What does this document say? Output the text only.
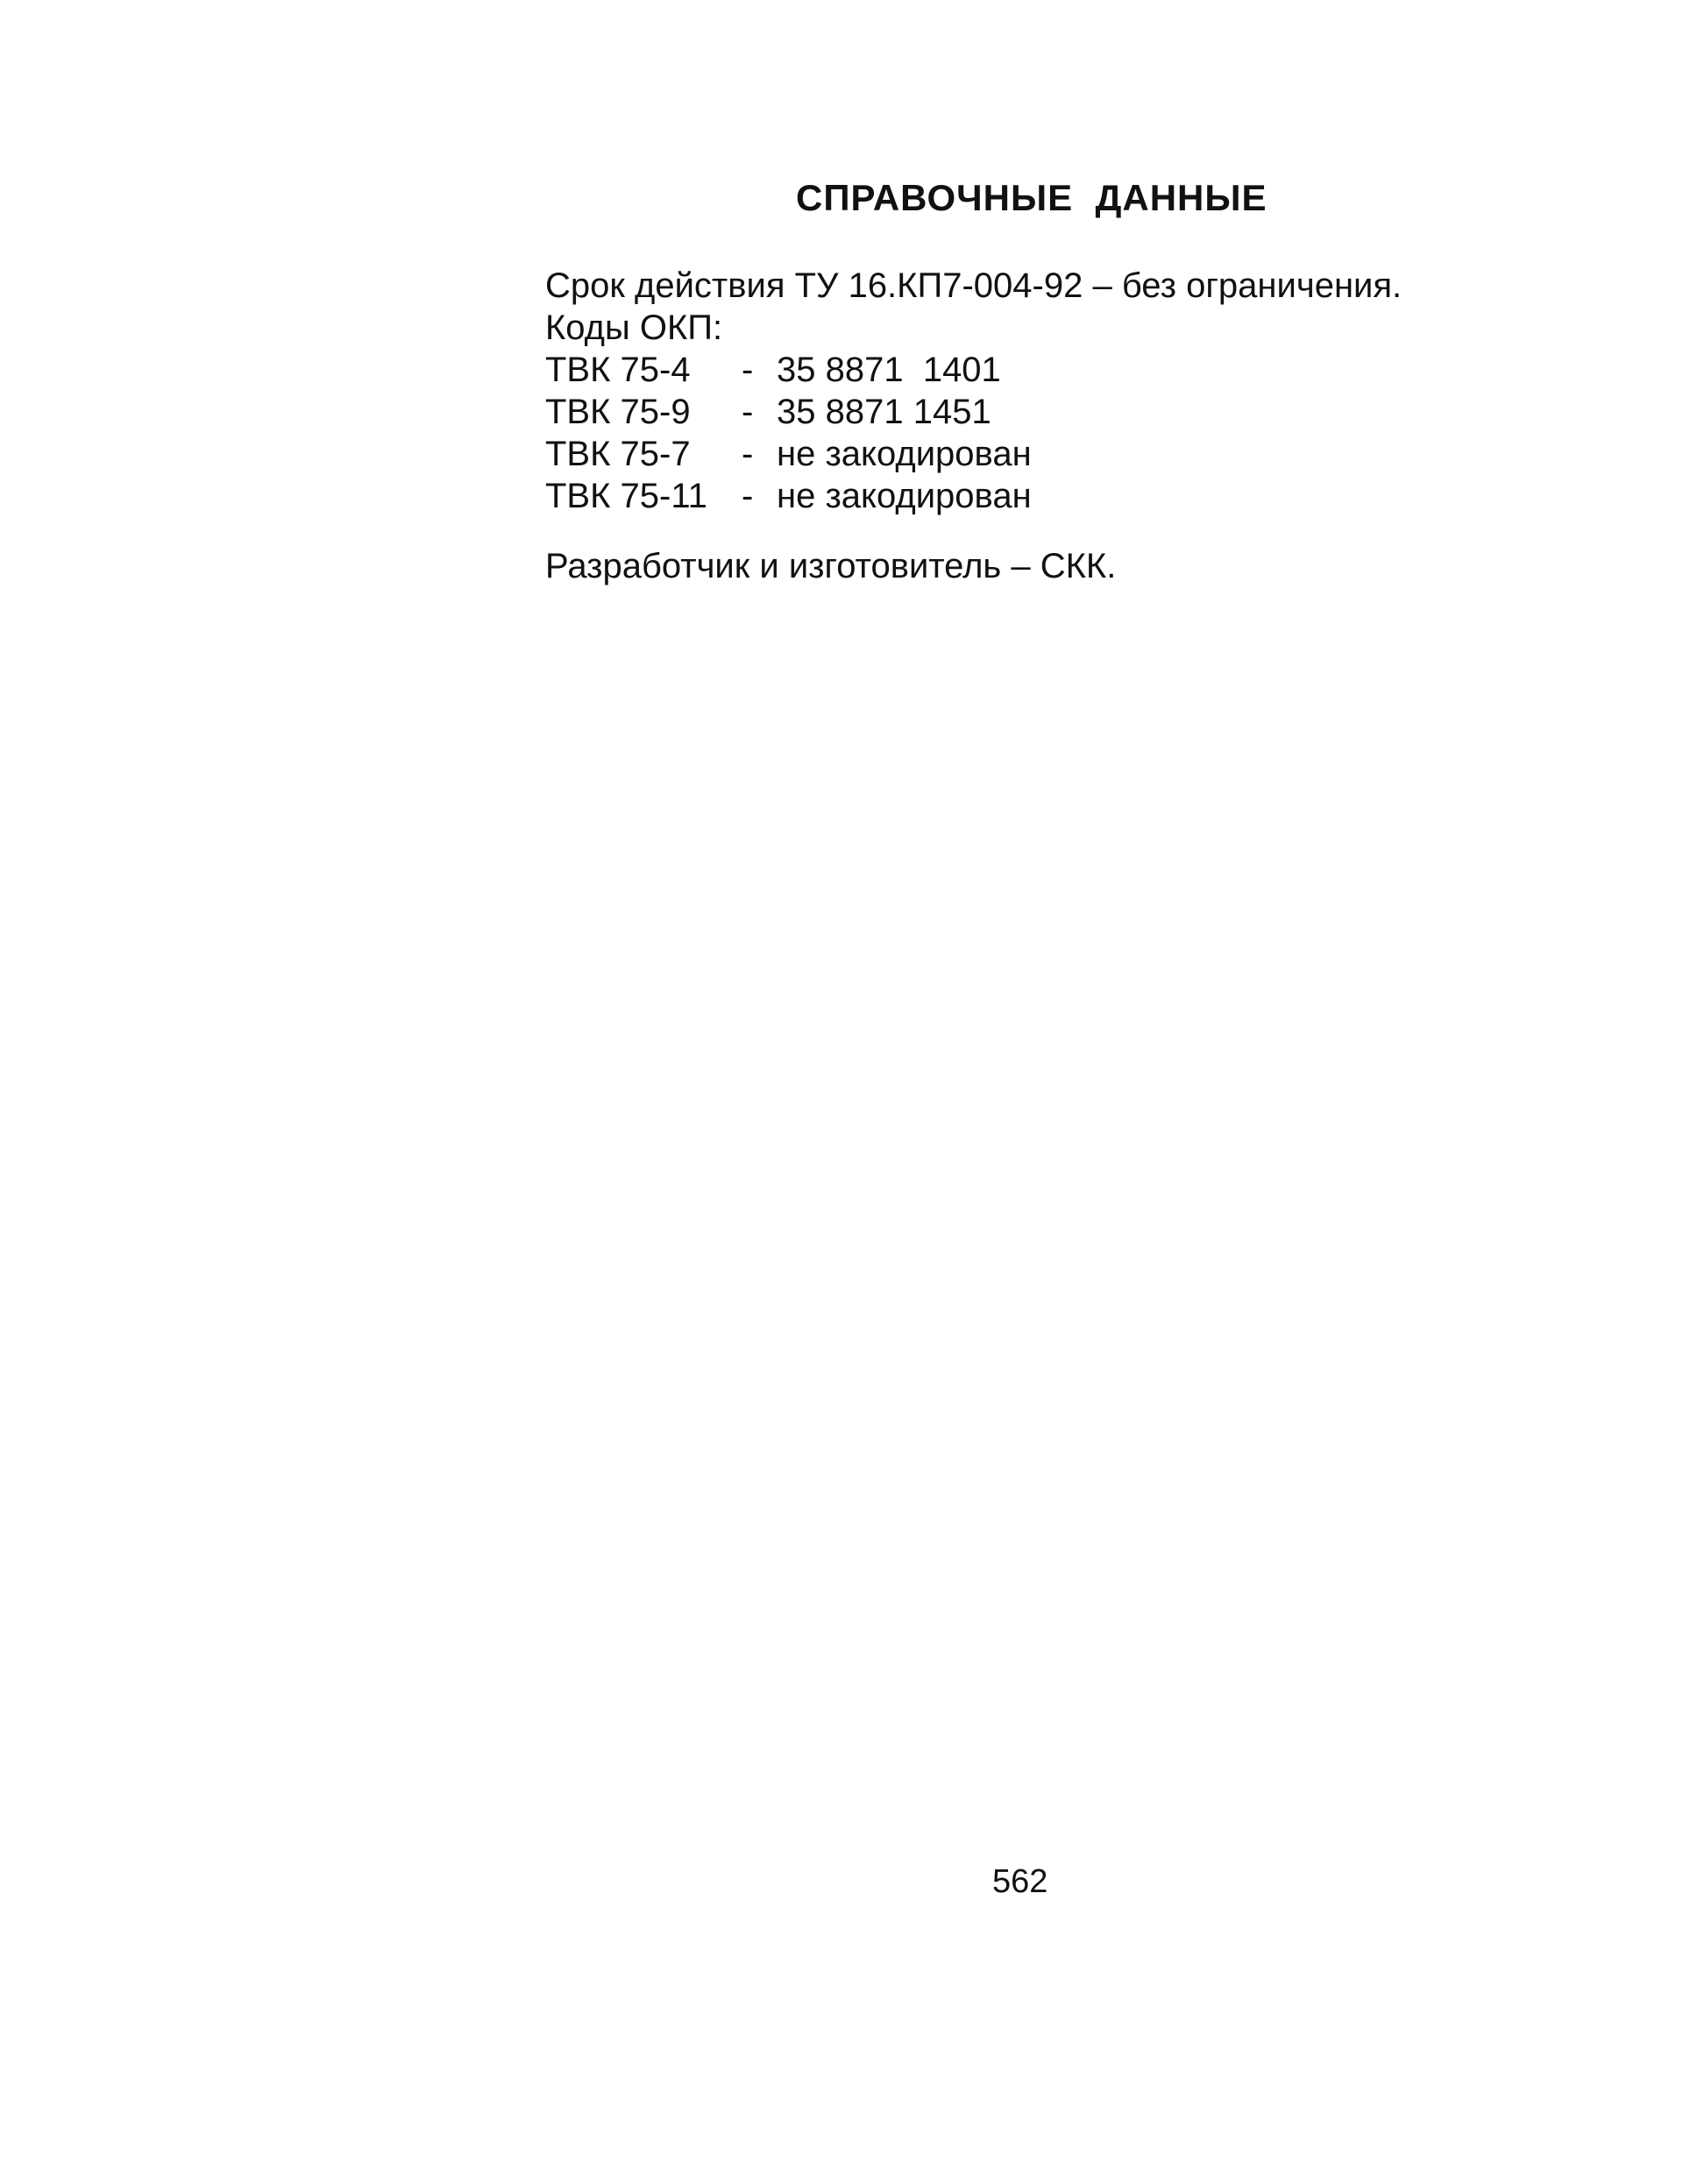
СПРАВОЧНЫЕ  ДАННЫЕ
Срок действия ТУ 16.КП7-004-92 – без ограничения.
Коды ОКП:
ТВК 75-4	- 35 8871  1401
ТВК 75-9	- 35 8871 1451
ТВК 75-7	- не закодирован
ТВК 75-11 - не закодирован
Разработчик и изготовитель – СКК.
562
